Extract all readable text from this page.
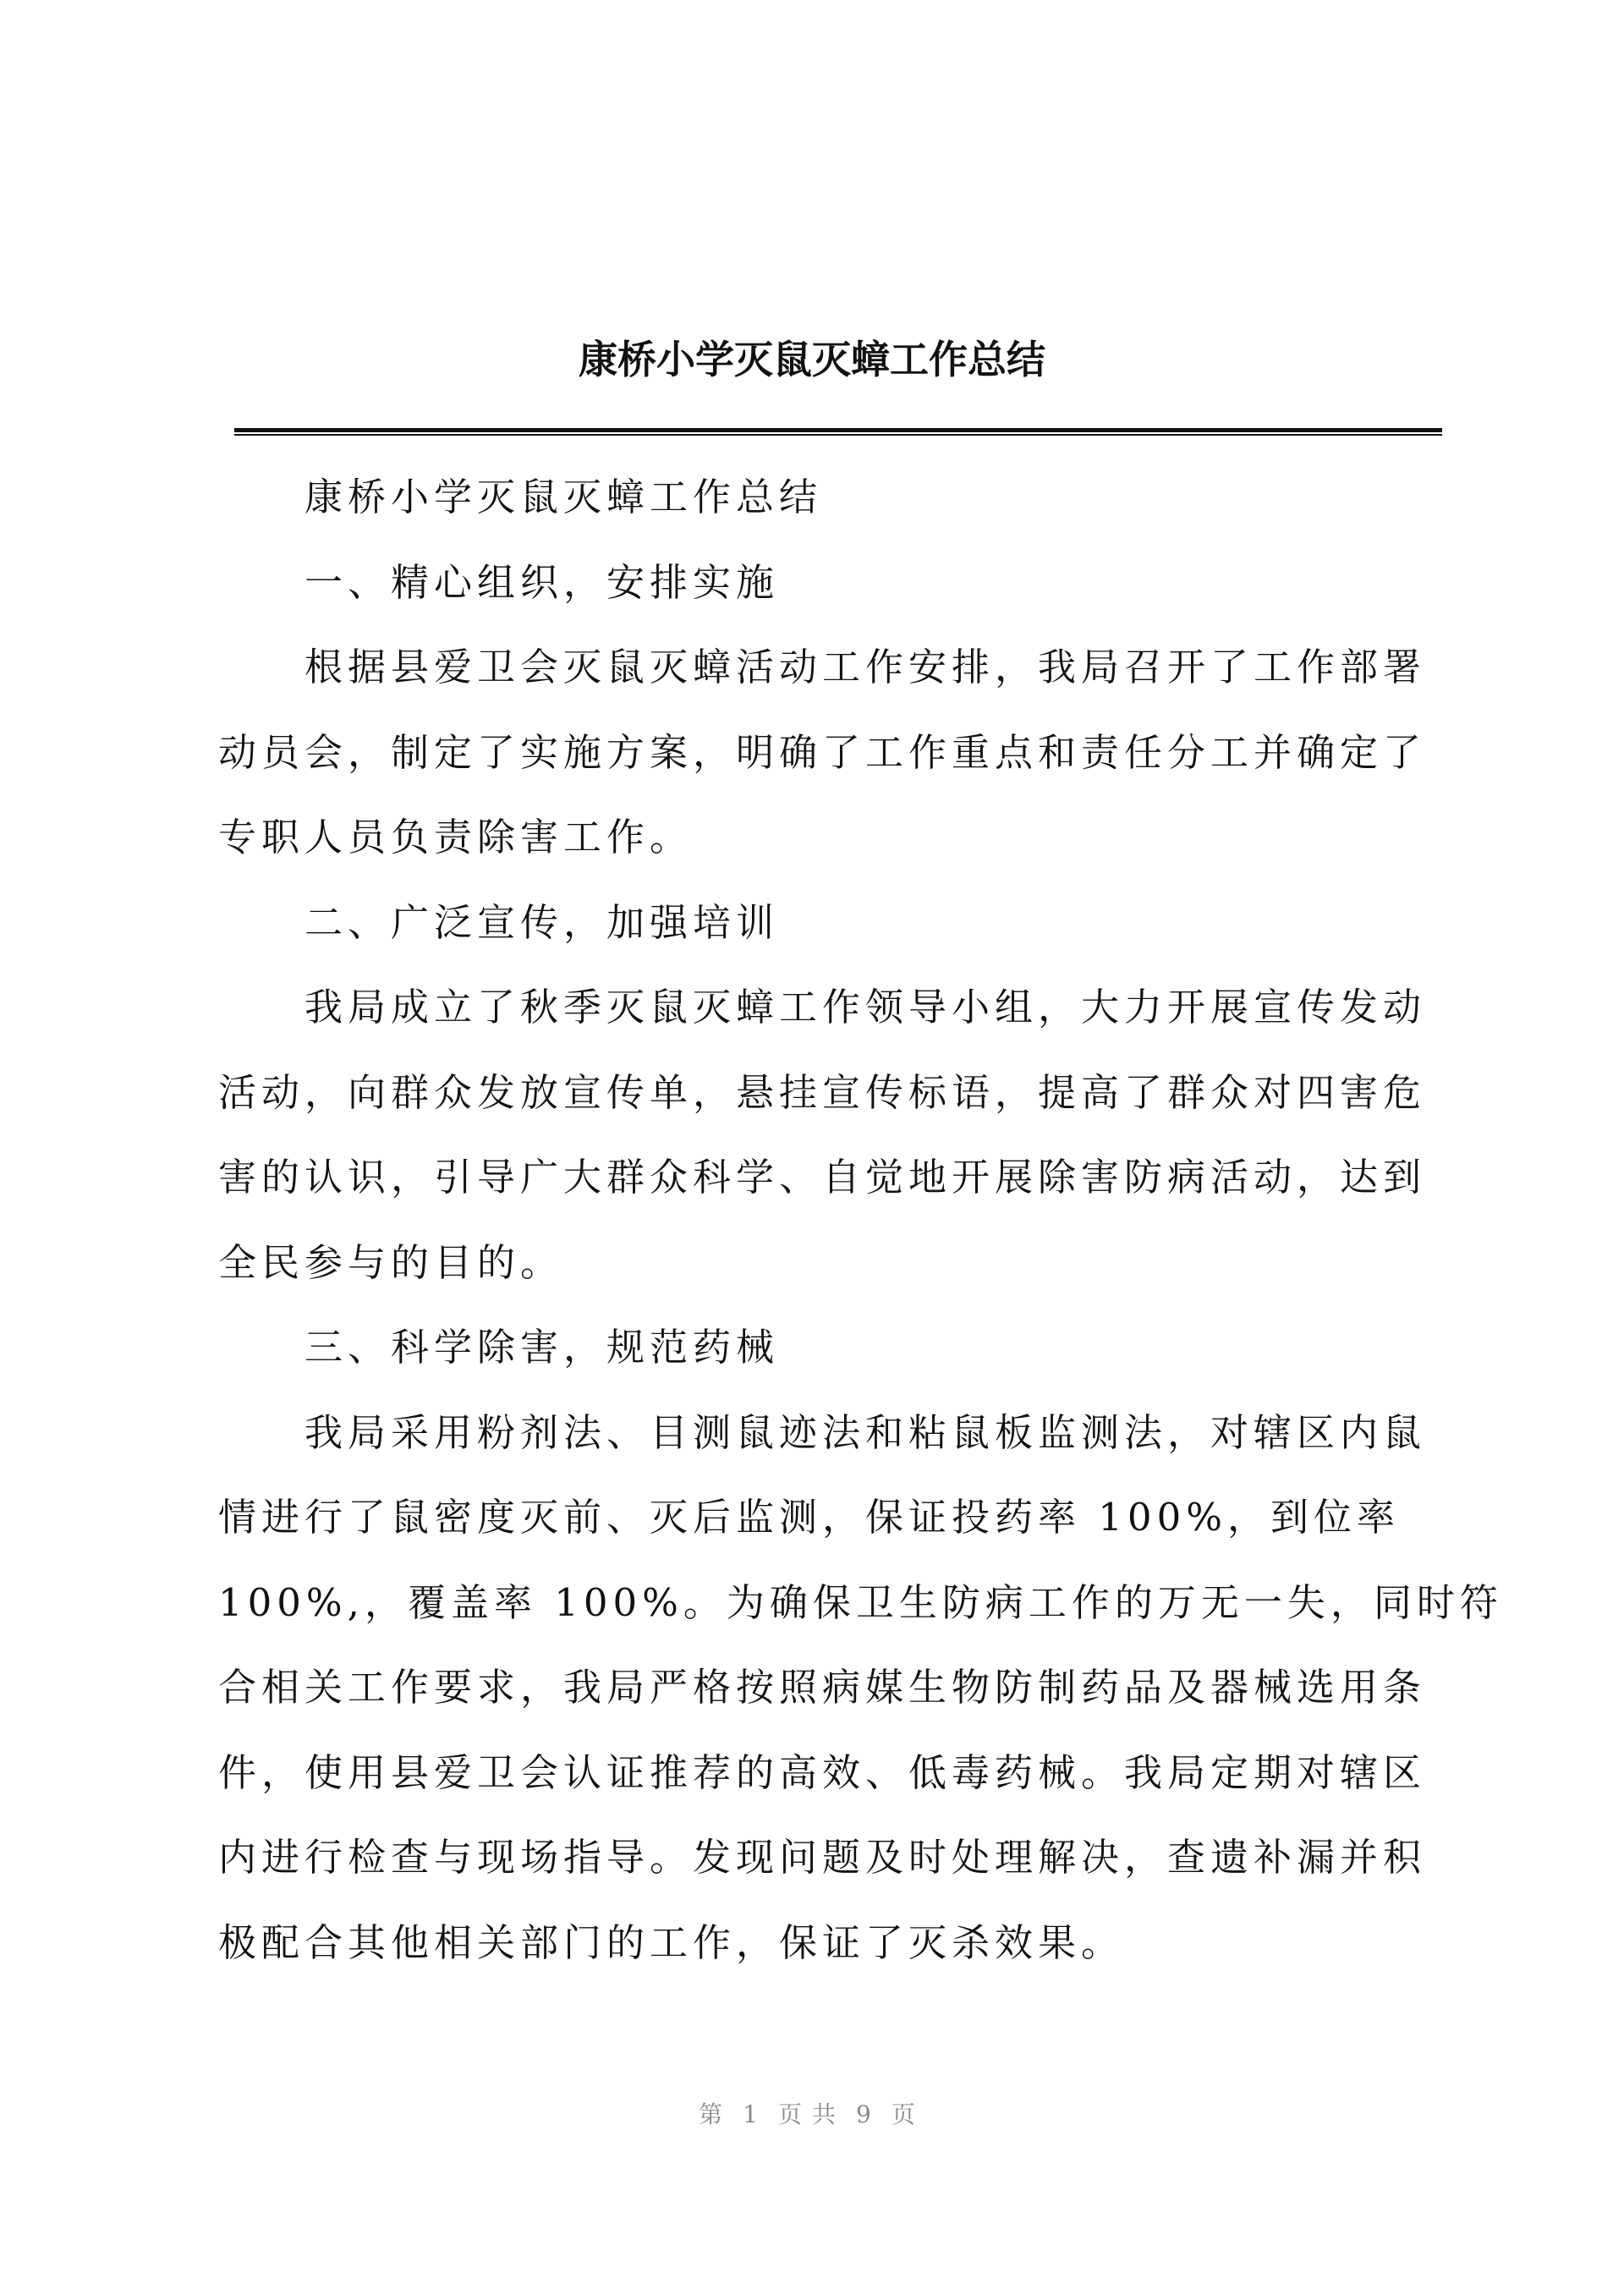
康桥小学灭鼠灭蟑工作总结
康桥小学灭鼠灭蟑工作总结
一、精心组织，安排实施
根据县爱卫会灭鼠灭蟑活动工作安排，我局召开了工作部署
动员会，制定了实施方案，明确了工作重点和责任分工并确定了
专职人员负责除害工作。
二、广泛宣传，加强培训
我局成立了秋季灭鼠灭蟑工作领导小组，大力开展宣传发动
活动，向群众发放宣传单，悬挂宣传标语，提高了群众对四害危
害的认识，引导广大群众科学、自觉地开展除害防病活动，达到
全民参与的目的。
三、科学除害，规范药械
我局采用粉剂法、目测鼠迹法和粘鼠板监测法，对辖区内鼠
情进行了鼠密度灭前、灭后监测，保证投药率 100%，到位率
100%,，覆盖率 100%。为确保卫生防病工作的万无一失，同时符
合相关工作要求，我局严格按照病媒生物防制药品及器械选用条
件，使用县爱卫会认证推荐的高效、低毒药械。我局定期对辖区
内进行检查与现场指导。发现问题及时处理解决，查遗补漏并积
极配合其他相关部门的工作，保证了灭杀效果。
第 1 页共 9 页
